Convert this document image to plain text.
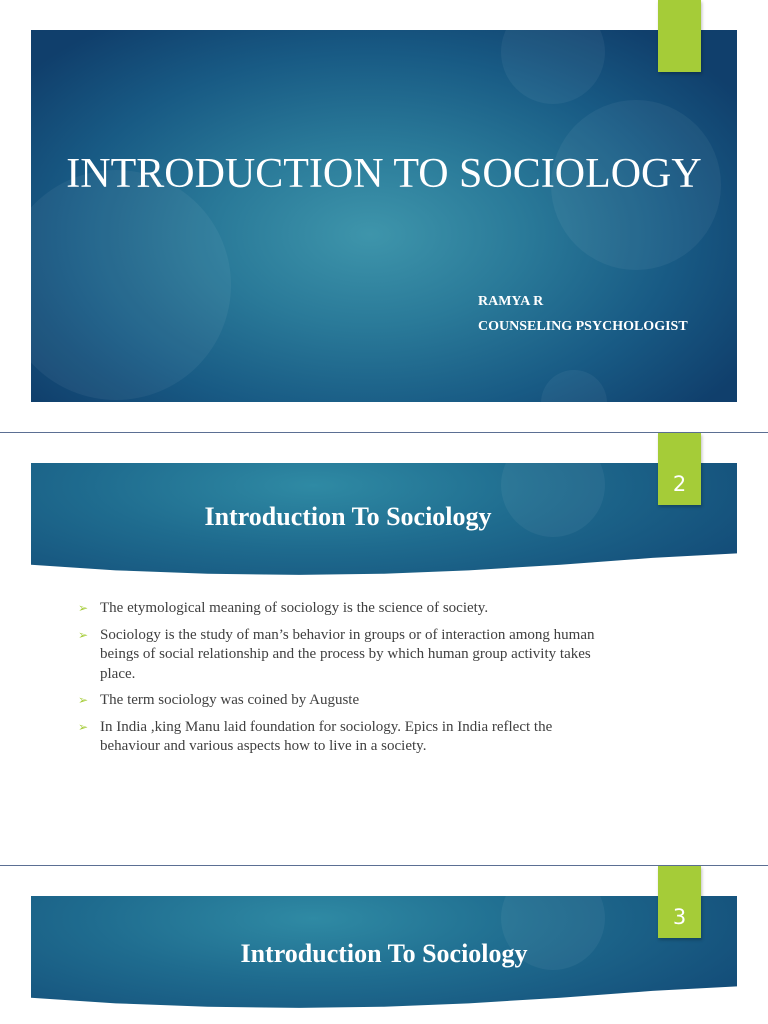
INTRODUCTION TO SOCIOLOGY
RAMYA R
COUNSELING PSYCHOLOGIST
2
Introduction To Sociology
➢ The etymological meaning of sociology is the science of society.
➢ Sociology is the study of man’s behavior in groups or of interaction among human beings of social relationship and the process by which human group activity takes place.
➢ The term sociology was coined by Auguste
➢ In India ,king Manu laid foundation for sociology. Epics in India reflect the behaviour and various aspects how to live in a society.
3
Introduction To Sociology
